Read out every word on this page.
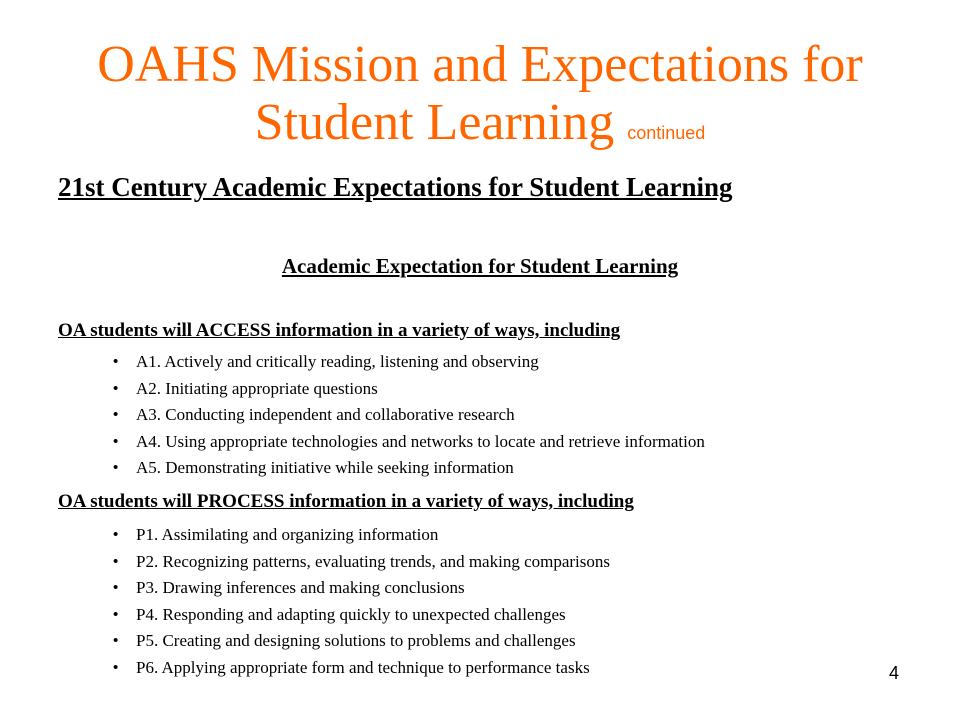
OAHS Mission and Expectations for
Student Learning continued
21st Century Academic Expectations for Student Learning
Academic Expectation for Student Learning
OA students will ACCESS information in a variety of ways, including
• A1. Actively and critically reading, listening and observing
• A2. Initiating appropriate questions
• A3. Conducting independent and collaborative research
• A4. Using appropriate technologies and networks to locate and retrieve information
• A5. Demonstrating initiative while seeking information
OA students will PROCESS information in a variety of ways, including
• P1. Assimilating and organizing information
• P2. Recognizing patterns, evaluating trends, and making comparisons
• P3. Drawing inferences and making conclusions
• P4. Responding and adapting quickly to unexpected challenges
• P5. Creating and designing solutions to problems and challenges
• P6. Applying appropriate form and technique to performance tasks	4
